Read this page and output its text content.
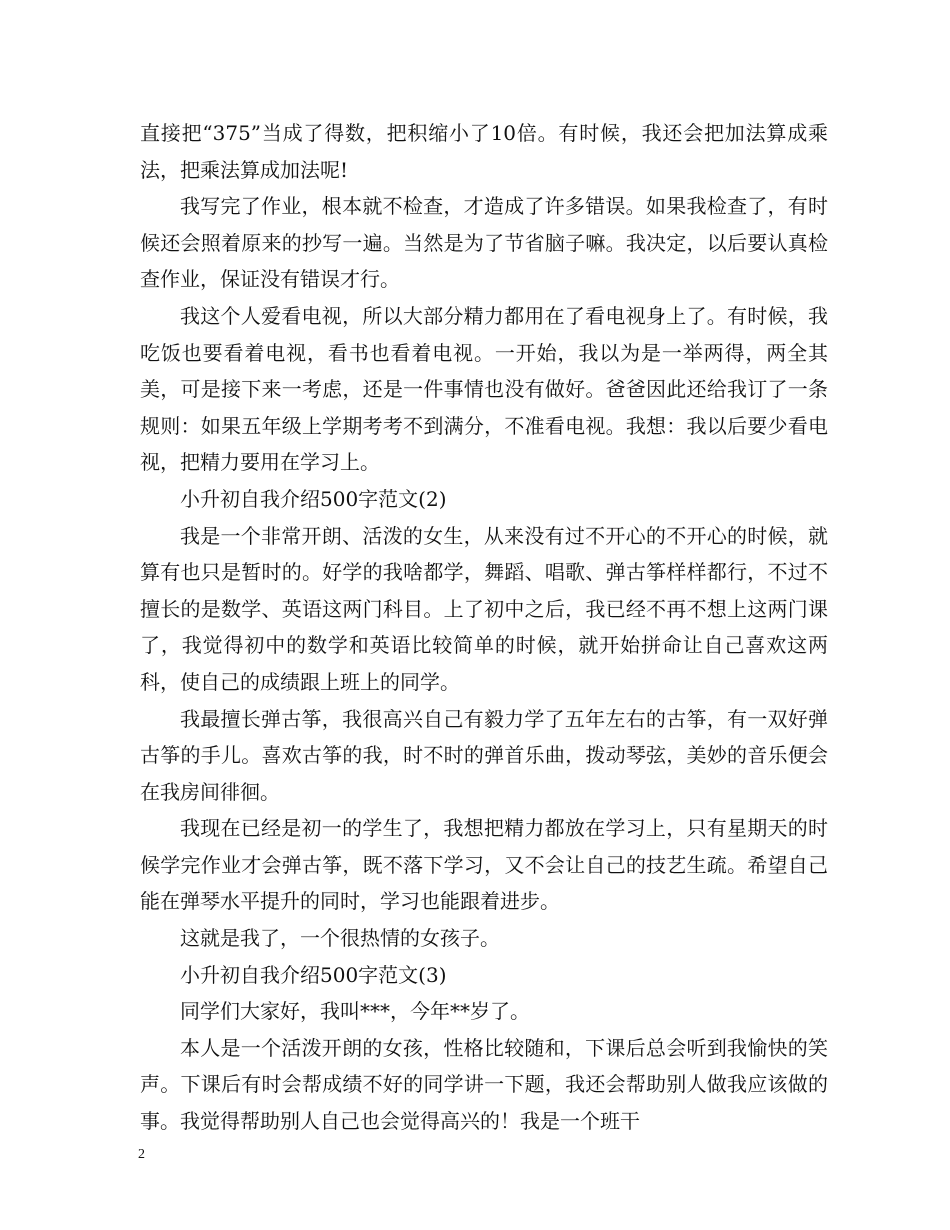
直接把“375”当成了得数，把积缩小了10倍。有时候，我还会把加法算成乘法，把乘法算成加法呢!

我写完了作业，根本就不检查，才造成了许多错误。如果我检查了，有时候还会照着原来的抄写一遍。当然是为了节省脑子嘛。我决定，以后要认真检查作业，保证没有错误才行。

我这个人爱看电视，所以大部分精力都用在了看电视身上了。有时候，我吃饭也要看着电视，看书也看着电视。一开始，我以为是一举两得，两全其美，可是接下来一考虑，还是一件事情也没有做好。爸爸因此还给我订了一条规则：如果五年级上学期考考不到满分，不准看电视。我想：我以后要少看电视，把精力要用在学习上。

小升初自我介绍500字范文(2)

我是一个非常开朗、活泼的女生，从来没有过不开心的不开心的时候，就算有也只是暂时的。好学的我啥都学，舞蹈、唱歌、弹古筝样样都行，不过不擅长的是数学、英语这两门科目。上了初中之后，我已经不再不想上这两门课了，我觉得初中的数学和英语比较简单的时候，就开始拼命让自己喜欢这两科，使自己的成绩跟上班上的同学。

我最擅长弹古筝，我很高兴自己有毅力学了五年左右的古筝，有一双好弹古筝的手儿。喜欢古筝的我，时不时的弹首乐曲，拨动琴弦，美妙的音乐便会在我房间徘徊。

我现在已经是初一的学生了，我想把精力都放在学习上，只有星期天的时候学完作业才会弹古筝，既不落下学习，又不会让自己的技艺生疏。希望自己能在弹琴水平提升的同时，学习也能跟着进步。

这就是我了，一个很热情的女孩子。

小升初自我介绍500字范文(3)

同学们大家好，我叫***，今年**岁了。

本人是一个活泼开朗的女孩，性格比较随和，下课后总会听到我愉快的笑声。下课后有时会帮成绩不好的同学讲一下题，我还会帮助别人做我应该做的事。我觉得帮助别人自己也会觉得高兴的！我是一个班干

2
